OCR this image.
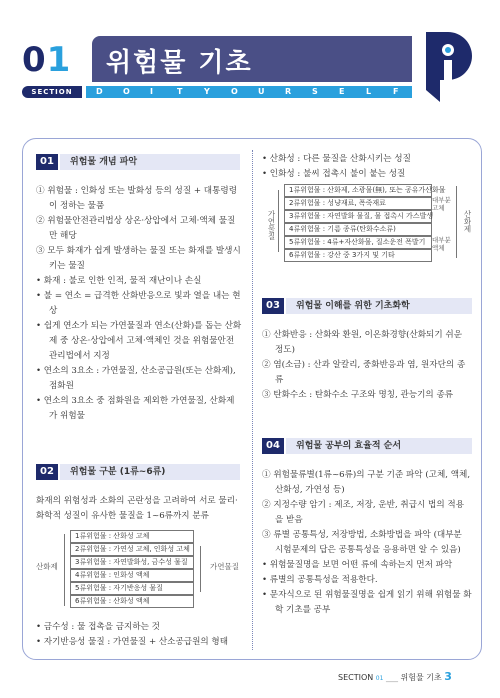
01 위험물 기초
SECTION	D	O	I	T	Y	O	U	R	S	E	L	F
01	위험물 개념 파악

① 위험물 : 인화성 또는 발화성 등의 성질 + 대통령령이 정하는 물품

② 위험물안전관리법상 상온·상압에서 고체·액체 물질만 해당

③ 모두 화재가 쉽게 발생하는 물질 또는 화재를 발생시키는 물질

• 화재 : 불로 인한 인적, 물적 재난이나 손실

• 불 = 연소 = 급격한 산화반응으로 빛과 열을 내는 현상

• 쉽게 연소가 되는 가연물질과 연소(산화)를 돕는 산화제 중 상온·상압에서 고체·액체인 것을 위험물안전관리법에서 지정

• 연소의 3요소 : 가연물질, 산소공급원(또는 산화제), 점화원

• 연소의 3요소 중 점화원을 제외한 가연물질, 산화제가 위험물

02	위험물 구분 (1류~6류)

화재의 위험성과 소화의 곤란성을 고려하여 서로 물리·화학적 성질이 유사한 물질을 1~6류까지 분류

산화제	가연물질
1류위험물 : 산화성 고체
2류위험물 : 가연성 고체, 인화성 고체
3류위험물 : 자연발화성, 금수성 물질
4류위험물 : 인화성 액체
5류위험물 : 자기반응성 물질
6류위험물 : 산화성 액체

• 금수성 : 물 접촉을 금지하는 것

• 자기반응성 물질 : 가연물질 + 산소공급원의 형태

• 산화성 : 다른 물질을 산화시키는 성질

• 인화성 : 불씨 접촉시 불이 붙는 성질

가연물질	산화제
대부분 고체
대부분 액체
1류위험물 : 산화제, 소광물(無), 또는 공유가산화물
2류위험물 : 성냥재료, 폭죽재료
3류위험물 : 자연발화 물질, 물 접촉시 가스발생
4류위험물 : 기름 종류(탄화수소류)
5류위험물 : 4류+자산화물, 질소운전 폭발기
6류위험물 : 강산 중 3가지 및 기타
03	위험물 이해를 위한 기초화학

① 산화반응 : 산화와 환원, 이온화경향(산화되기 쉬운 정도)

② 염(소금) : 산과 알칼리, 중화반응과 염, 원자단의 종류

③ 탄화수소 : 탄화수소 구조와 명칭, 관능기의 종류

04	위험물 공부의 효율적 순서

① 위험물류별(1류~6류)의 구분 기준 파악 (고체, 액체, 산화성, 가연성 등)

② 지정수량 암기 : 제조, 저장, 운반, 취급시 법의 적용을 받음

③ 류별 공통특성, 저장방법, 소화방법을 파악 (대부분 시험문제의 답은 공통특성을 응용하면 알 수 있음)

• 위험물질명을 보면 어떤 류에 속하는지 먼저 파악

• 류별의 공통특성을 적용한다.

• 문자식으로 된 위험물질명을 쉽게 읽기 위해 위험물 화학 기초를 공부

SECTION 01 ___ 위험물 기초 3
